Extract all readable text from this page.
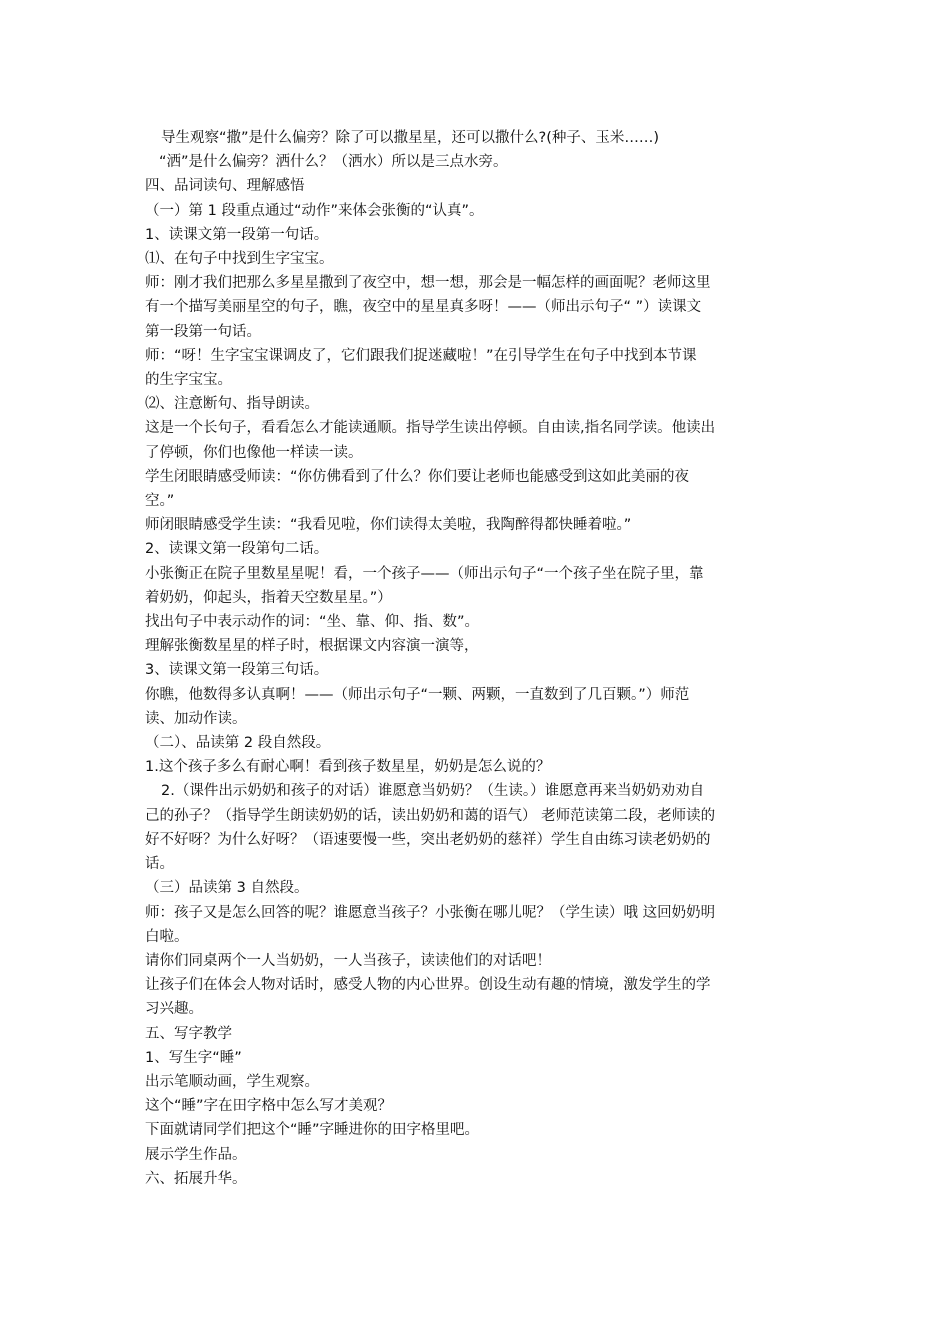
导生观察“撒”是什么偏旁？除了可以撒星星，还可以撒什么?(种子、玉米……)
“洒”是什么偏旁？洒什么？（洒水）所以是三点水旁。
四、品词读句、理解感悟
（一）第 1 段重点通过“动作”来体会张衡的“认真”。
1、读课文第一段第一句话。
⑴、在句子中找到生字宝宝。
师：刚才我们把那么多星星撒到了夜空中，想一想，那会是一幅怎样的画面呢？老师这里
有一个描写美丽星空的句子，瞧，夜空中的星星真多呀！——（师出示句子“ ”）读课文
第一段第一句话。
师：“呀！生字宝宝课调皮了，它们跟我们捉迷藏啦！”在引导学生在句子中找到本节课
的生字宝宝。
⑵、注意断句、指导朗读。
这是一个长句子，看看怎么才能读通顺。指导学生读出停顿。自由读,指名同学读。他读出
了停顿，你们也像他一样读一读。
学生闭眼睛感受师读：“你仿佛看到了什么？你们要让老师也能感受到这如此美丽的夜
空。”
师闭眼睛感受学生读：“我看见啦，你们读得太美啦，我陶醉得都快睡着啦。”
2、读课文第一段第句二话。
小张衡正在院子里数星星呢！看，一个孩子——（师出示句子“一个孩子坐在院子里，靠
着奶奶，仰起头，指着天空数星星。”）
找出句子中表示动作的词：“坐、靠、仰、指、数”。
理解张衡数星星的样子时，根据课文内容演一演等，
3、读课文第一段第三句话。
你瞧，他数得多认真啊！——（师出示句子“一颗、两颗，一直数到了几百颗。”）师范
读、加动作读。
（二）、品读第 2 段自然段。
1.这个孩子多么有耐心啊！看到孩子数星星，奶奶是怎么说的？
2.（课件出示奶奶和孩子的对话）谁愿意当奶奶？（生读。）谁愿意再来当奶奶劝劝自
己的孙子？（指导学生朗读奶奶的话，读出奶奶和蔼的语气） 老师范读第二段，老师读的
好不好呀？为什么好呀？（语速要慢一些，突出老奶奶的慈祥）学生自由练习读老奶奶的
话。
（三）品读第 3 自然段。
师：孩子又是怎么回答的呢？谁愿意当孩子？小张衡在哪儿呢？（学生读）哦 这回奶奶明
白啦。
请你们同桌两个一人当奶奶，一人当孩子，读读他们的对话吧！
让孩子们在体会人物对话时，感受人物的内心世界。创设生动有趣的情境，激发学生的学
习兴趣。
五、写字教学
1、写生字“睡”
出示笔顺动画，学生观察。
这个“睡”字在田字格中怎么写才美观？
下面就请同学们把这个“睡”字睡进你的田字格里吧。
展示学生作品。
六、拓展升华。
